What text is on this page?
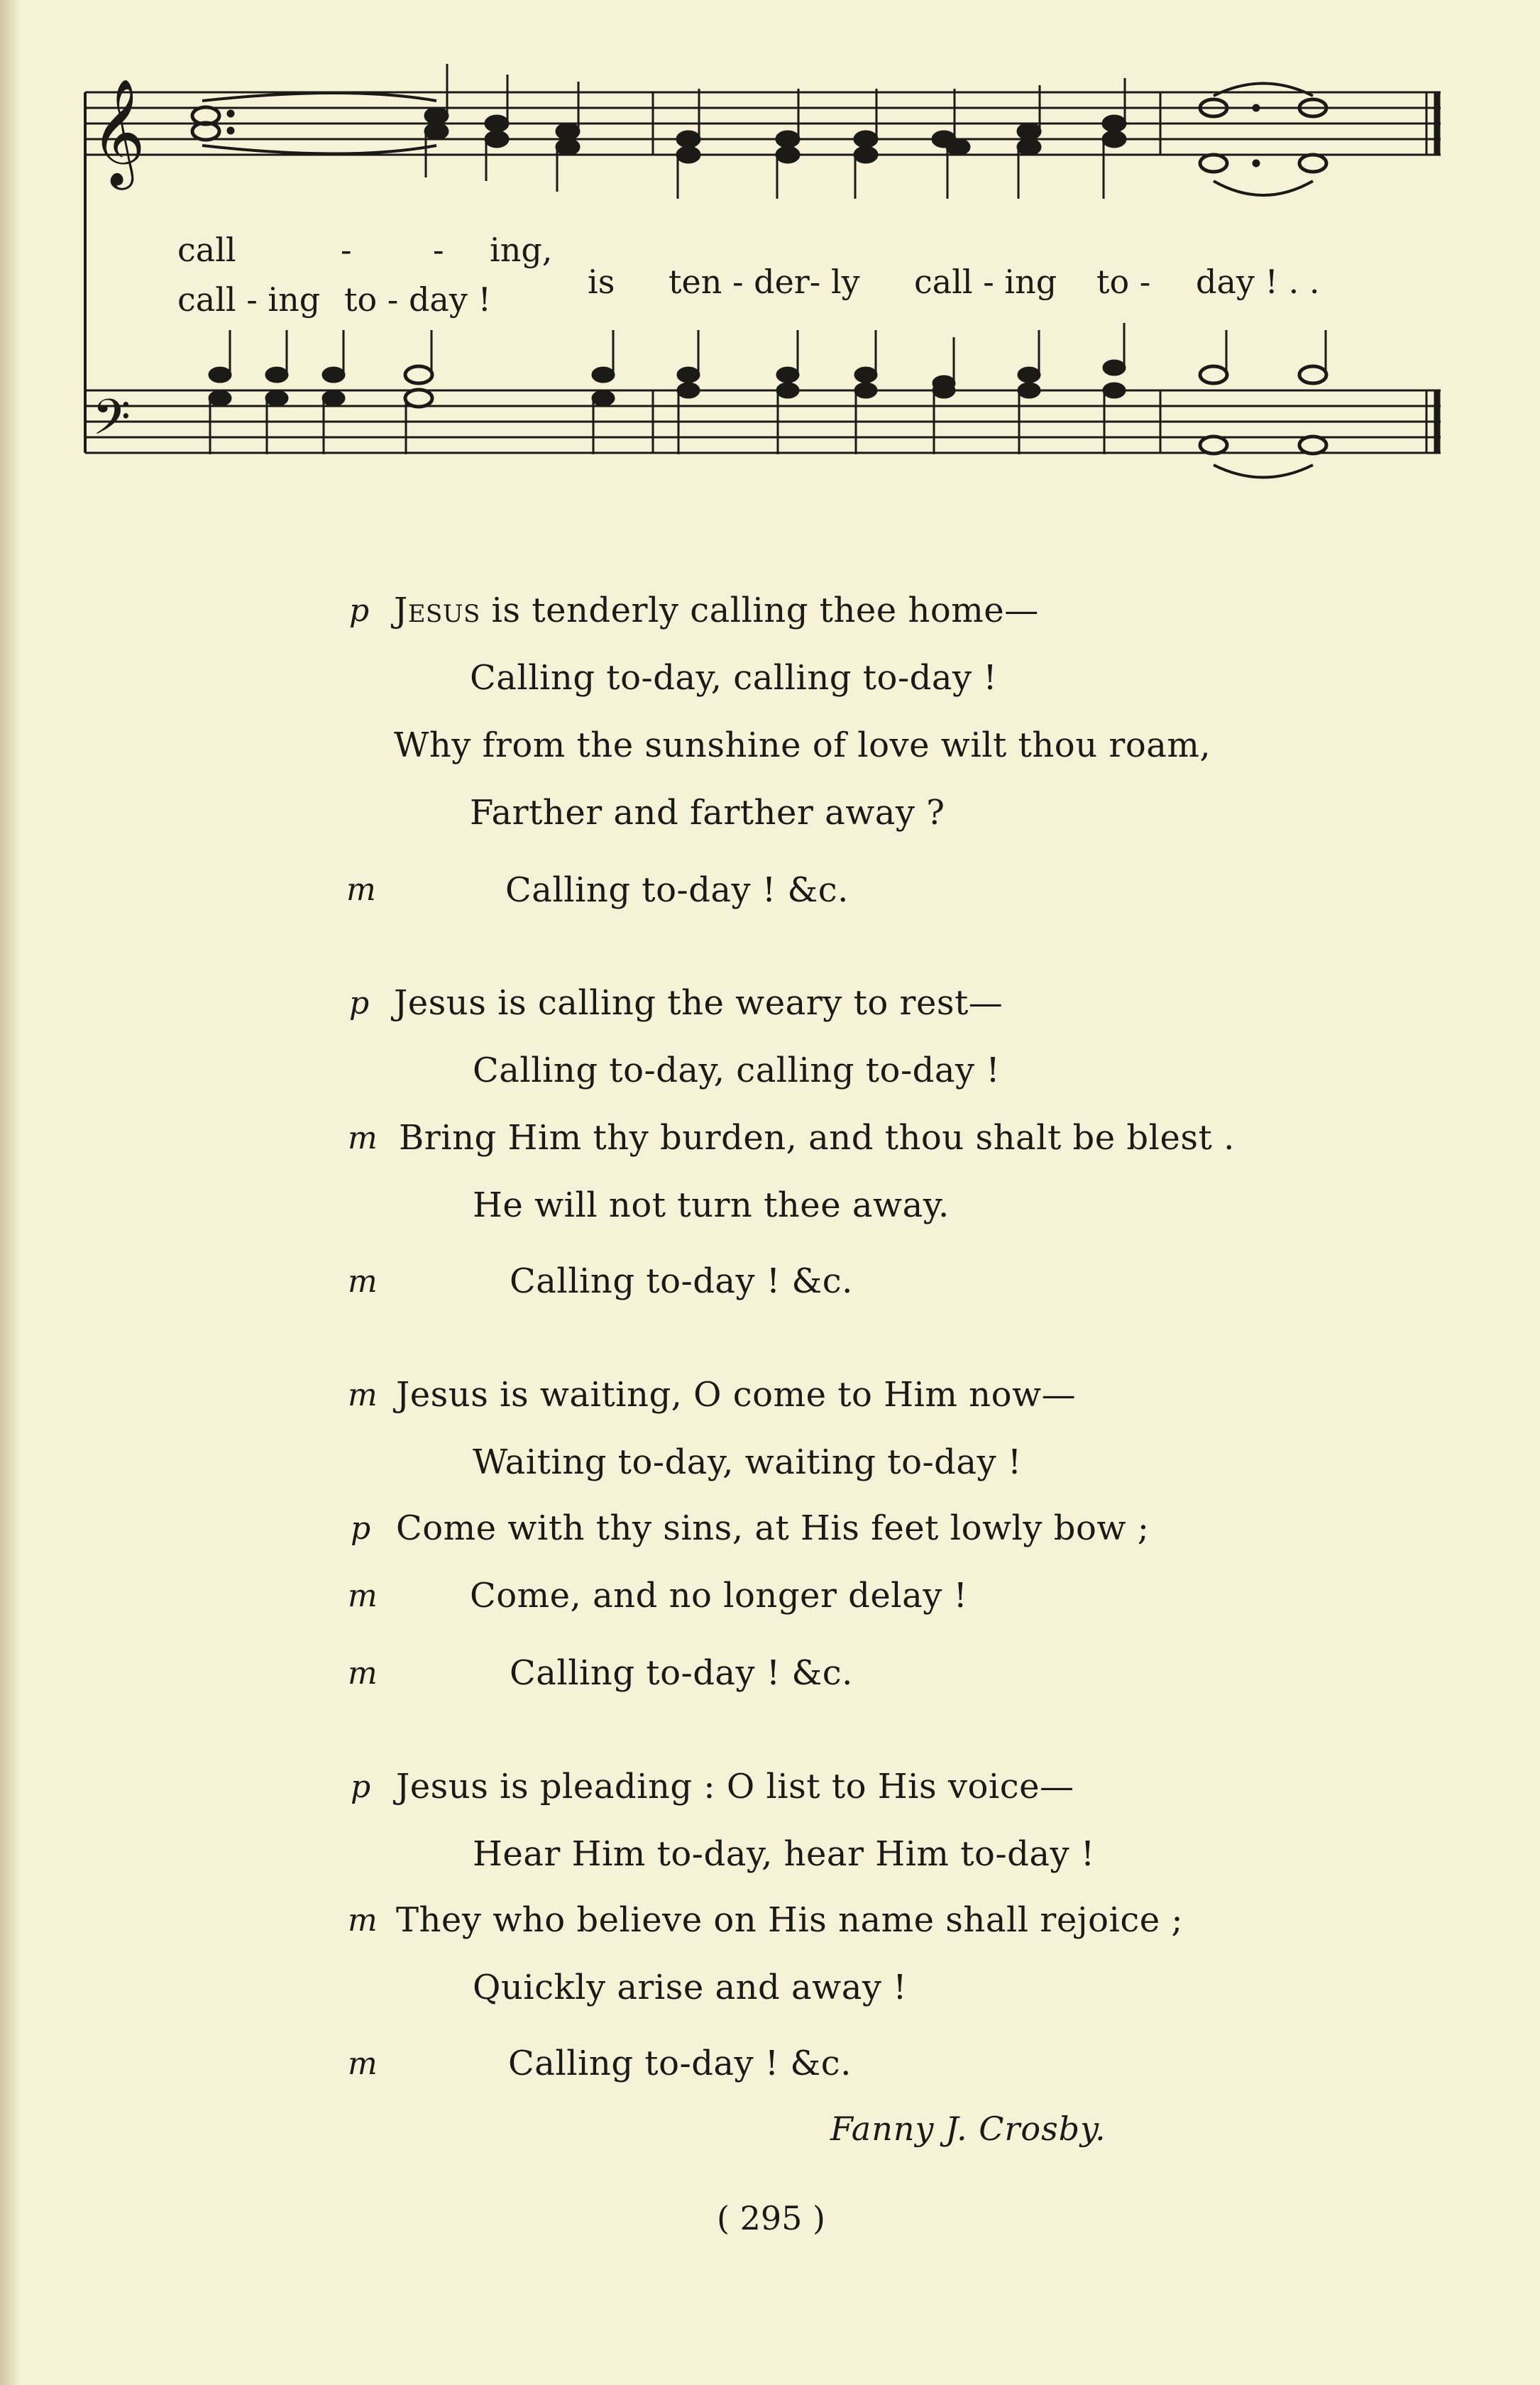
𝄞
𝄢
call	- - ing,
call - ing to - day !	is ten - der- ly call - ing to - day ! . .
p Jesus is tenderly calling thee home—
Calling to-day, calling to-day !
Why from the sunshine of love wilt thou roam,
Farther and farther away ?
m	Calling to-day ! &c.
p Jesus is calling the weary to rest—
Calling to-day, calling to-day !
m Bring Him thy burden, and thou shalt be blest .
He will not turn thee away.
m	Calling to-day ! &c.
m Jesus is waiting, O come to Him now—
Waiting to-day, waiting to-day !
p Come with thy sins, at His feet lowly bow ;
m	Come, and no longer delay !
m	Calling to-day ! &c.
p Jesus is pleading : O list to His voice—
Hear Him to-day, hear Him to-day !
m They who believe on His name shall rejoice ;
Quickly arise and away !
m	Calling to-day ! &c.
Fanny J. Crosby.
( 295 )
